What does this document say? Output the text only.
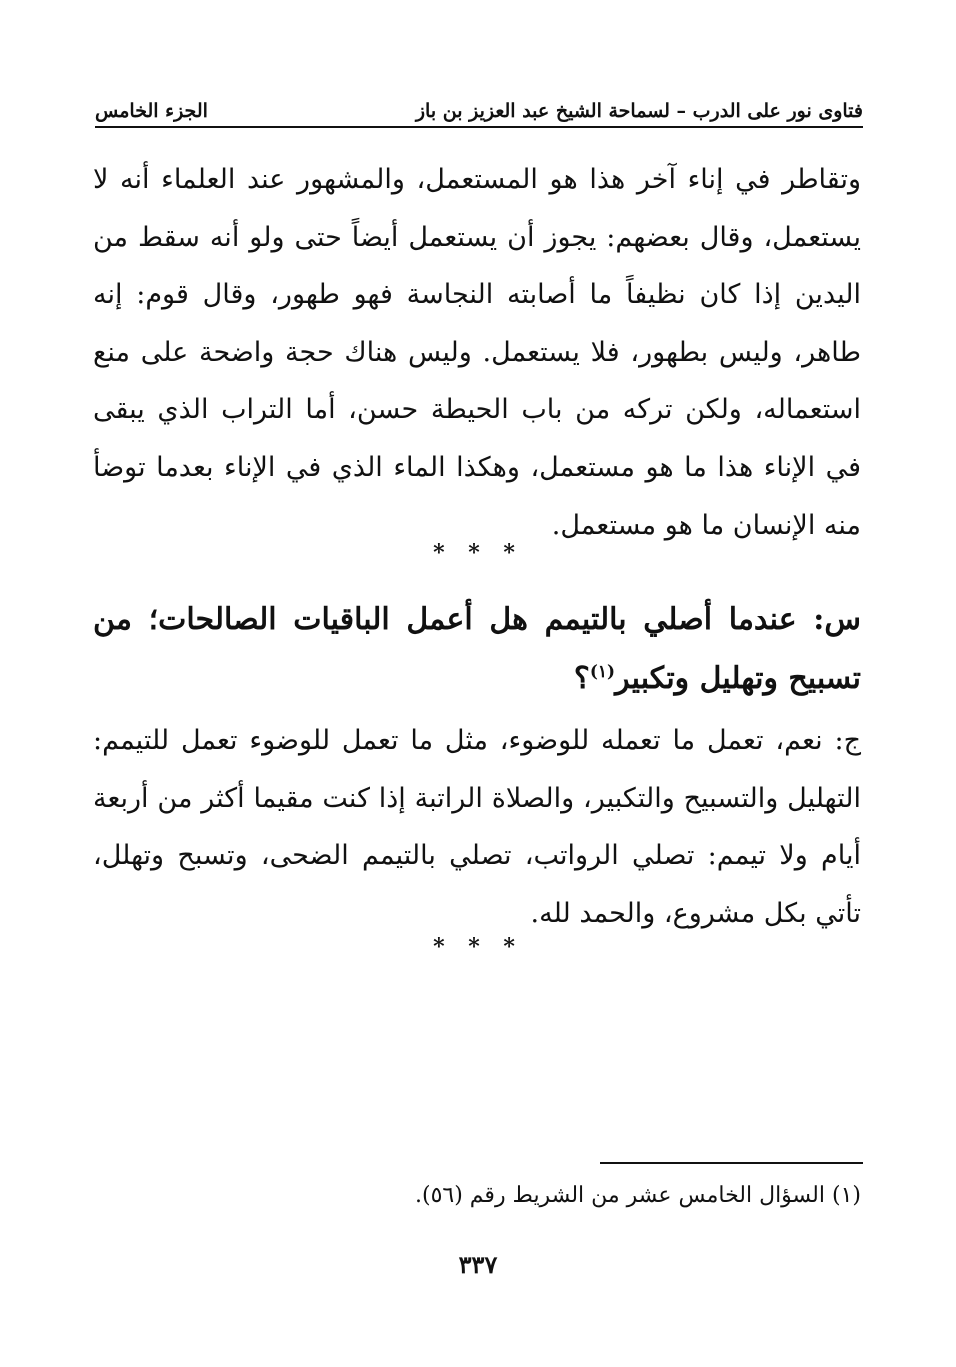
فتاوى نور على الدرب – لسماحة الشيخ عبد العزيز بن باز
الجزء الخامس

وتقاطر في إناء آخر هذا هو المستعمل، والمشهور عند العلماء أنه لا يستعمل، وقال بعضهم: يجوز أن يستعمل أيضاً حتى ولو أنه سقط من اليدين إذا كان نظيفاً ما أصابته النجاسة فهو طهور، وقال قوم: إنه طاهر، وليس بطهور، فلا يستعمل. وليس هناك حجة واضحة على منع استعماله، ولكن تركه من باب الحيطة حسن، أما التراب الذي يبقى في الإناء هذا ما هو مستعمل، وهكذا الماء الذي في الإناء بعدما توضأ منه الإنسان ما هو مستعمل.

* * *

س: عندما أصلي بالتيمم هل أعمل الباقيات الصالحات؛ من تسبيح وتهليل وتكبير$^{(١)}$؟

ج: نعم، تعمل ما تعمله للوضوء، مثل ما تعمل للوضوء تعمل للتيمم: التهليل والتسبيح والتكبير، والصلاة الراتبة إذا كنت مقيما أكثر من أربعة أيام ولا تيمم: تصلي الرواتب، تصلي بالتيمم الضحى، وتسبح وتهلل، تأتي بكل مشروع، والحمد لله.

* * *

(١) السؤال الخامس عشر من الشريط رقم (٥٦).

٣٣٧
